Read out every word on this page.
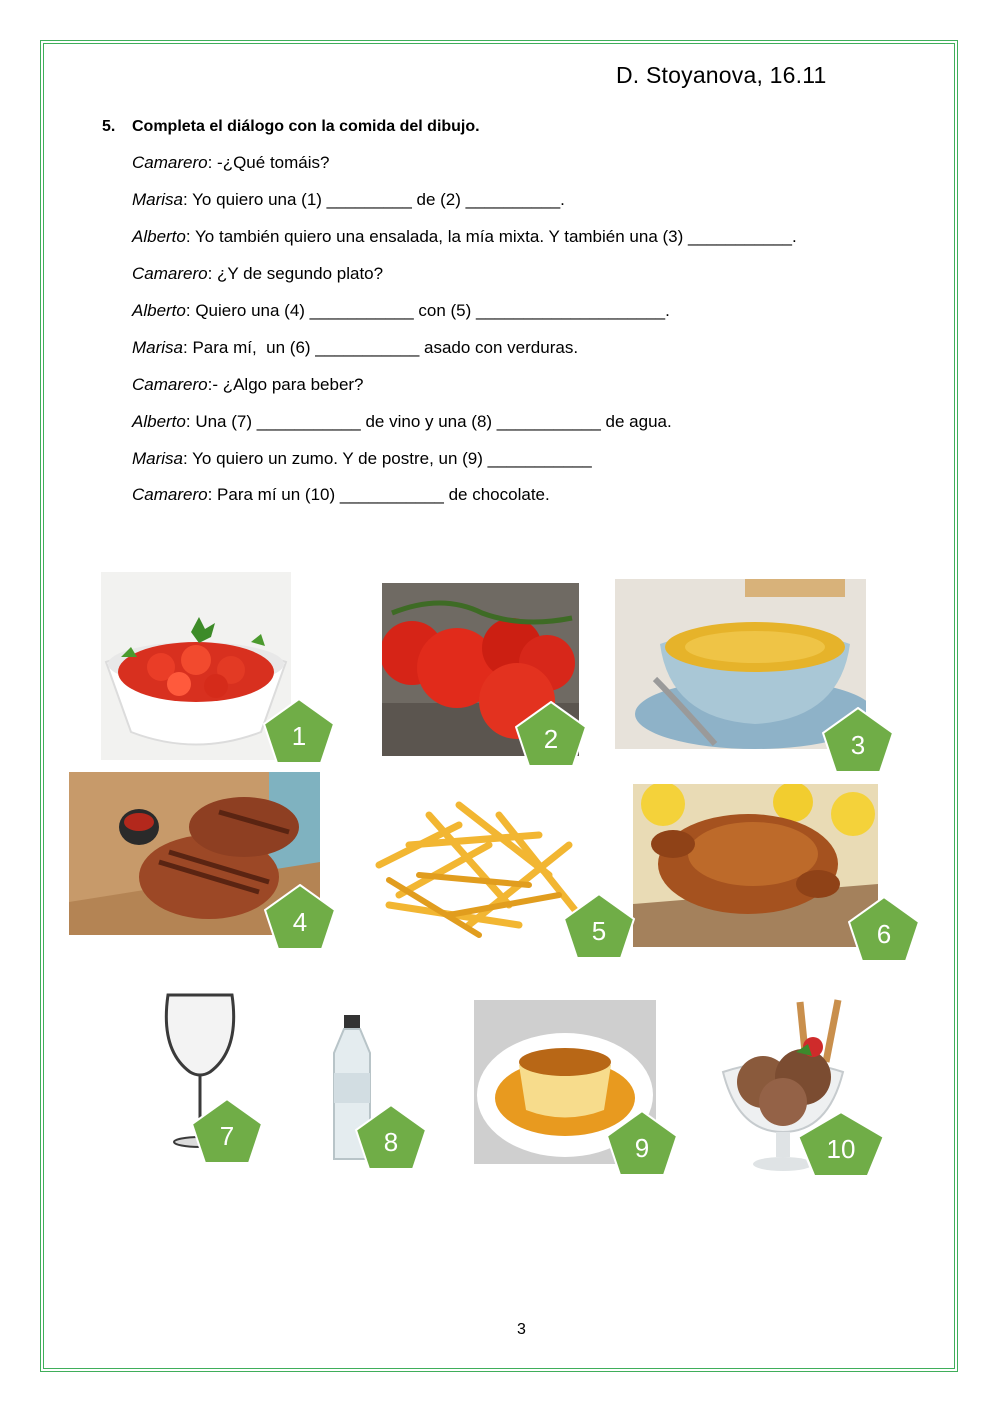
D. Stoyanova, 16.11
5. Completa el diálogo con la comida del dibujo.
Camarero: -¿Qué tomáis?
Marisa: Yo quiero una (1) _________ de (2) __________.
Alberto: Yo también quiero una ensalada, la mía mixta. Y también una (3) ___________.
Camarero: ¿Y de segundo plato?
Alberto: Quiero una (4) ___________ con (5) ____________________.
Marisa: Para mí,  un (6) ___________ asado con verduras.
Camarero:- ¿Algo para beber?
Alberto: Una (7) ___________ de vino y una (8) ___________ de agua.
Marisa: Yo quiero un zumo. Y de postre, un (9) ___________
Camarero: Para mí un (10) ___________ de chocolate.
1	2	3
4	5	6
7	8	9	10
3
